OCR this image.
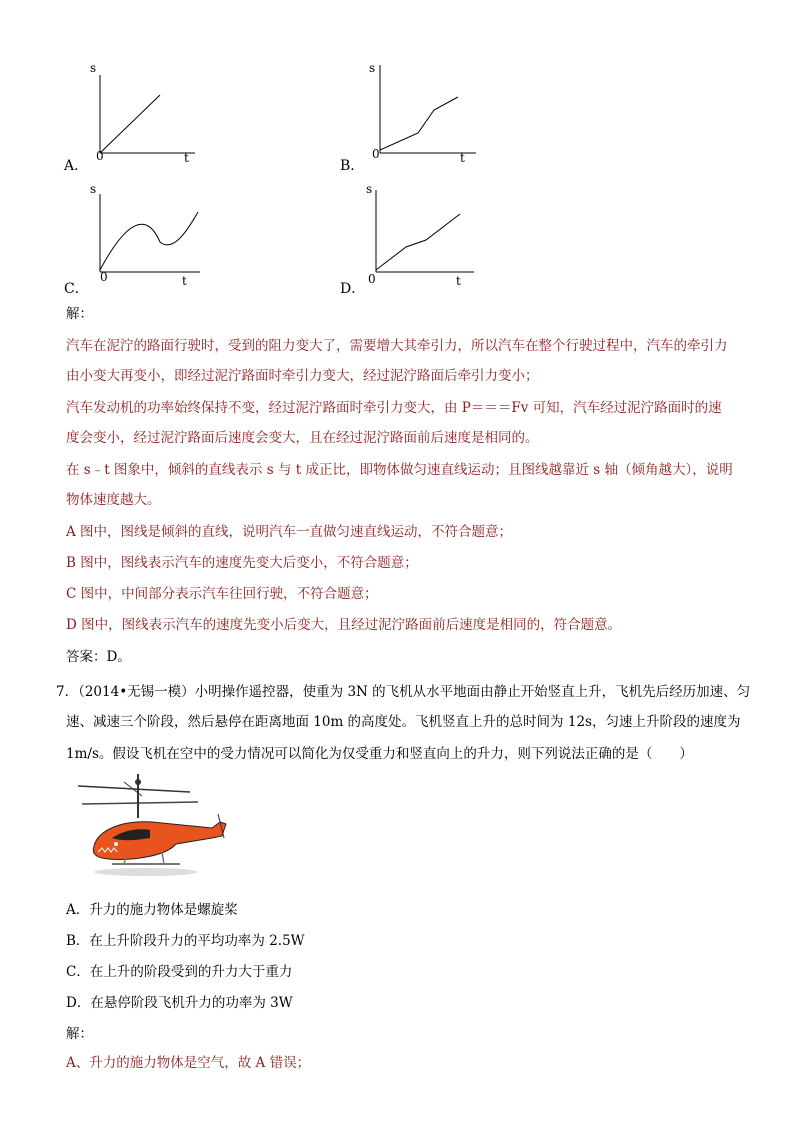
s
0	t
A．
s
0	t
B．
s
0	t
C．
s
0	t
D．
解：
汽车在泥泞的路面行驶时，受到的阻力变大了，需要增大其牵引力，所以汽车在整个行驶过程中，汽车的牵引力
由小变大再变小，即经过泥泞路面时牵引力变大，经过泥泞路面后牵引力变小；
汽车发动机的功率始终保持不变，经过泥泞路面时牵引力变大，由 P＝＝＝Fv 可知，汽车经过泥泞路面时的速
度会变小，经过泥泞路面后速度会变大，且在经过泥泞路面前后速度是相同的。
在 s﹣t 图象中，倾斜的直线表示 s 与 t 成正比，即物体做匀速直线运动；且图线越靠近 s 轴（倾角越大），说明
物体速度越大。
A 图中，图线是倾斜的直线，说明汽车一直做匀速直线运动，不符合题意；
B 图中，图线表示汽车的速度先变大后变小，不符合题意；
C 图中，中间部分表示汽车往回行驶，不符合题意；
D 图中，图线表示汽车的速度先变小后变大，且经过泥泞路面前后速度是相同的，符合题意。
答案：D。
7．（2014•无锡一模）小明操作遥控器，使重为 3N 的飞机从水平地面由静止开始竖直上升，飞机先后经历加速、匀
速、减速三个阶段，然后悬停在距离地面 10m 的高度处。飞机竖直上升的总时间为 12s，匀速上升阶段的速度为
1m/s。假设飞机在空中的受力情况可以简化为仅受重力和竖直向上的升力，则下列说法正确的是（　　）
A．升力的施力物体是螺旋桨
B．在上升阶段升力的平均功率为 2.5W
C．在上升的阶段受到的升力大于重力
D．在悬停阶段飞机升力的功率为 3W
解：
A、升力的施力物体是空气，故 A 错误；
